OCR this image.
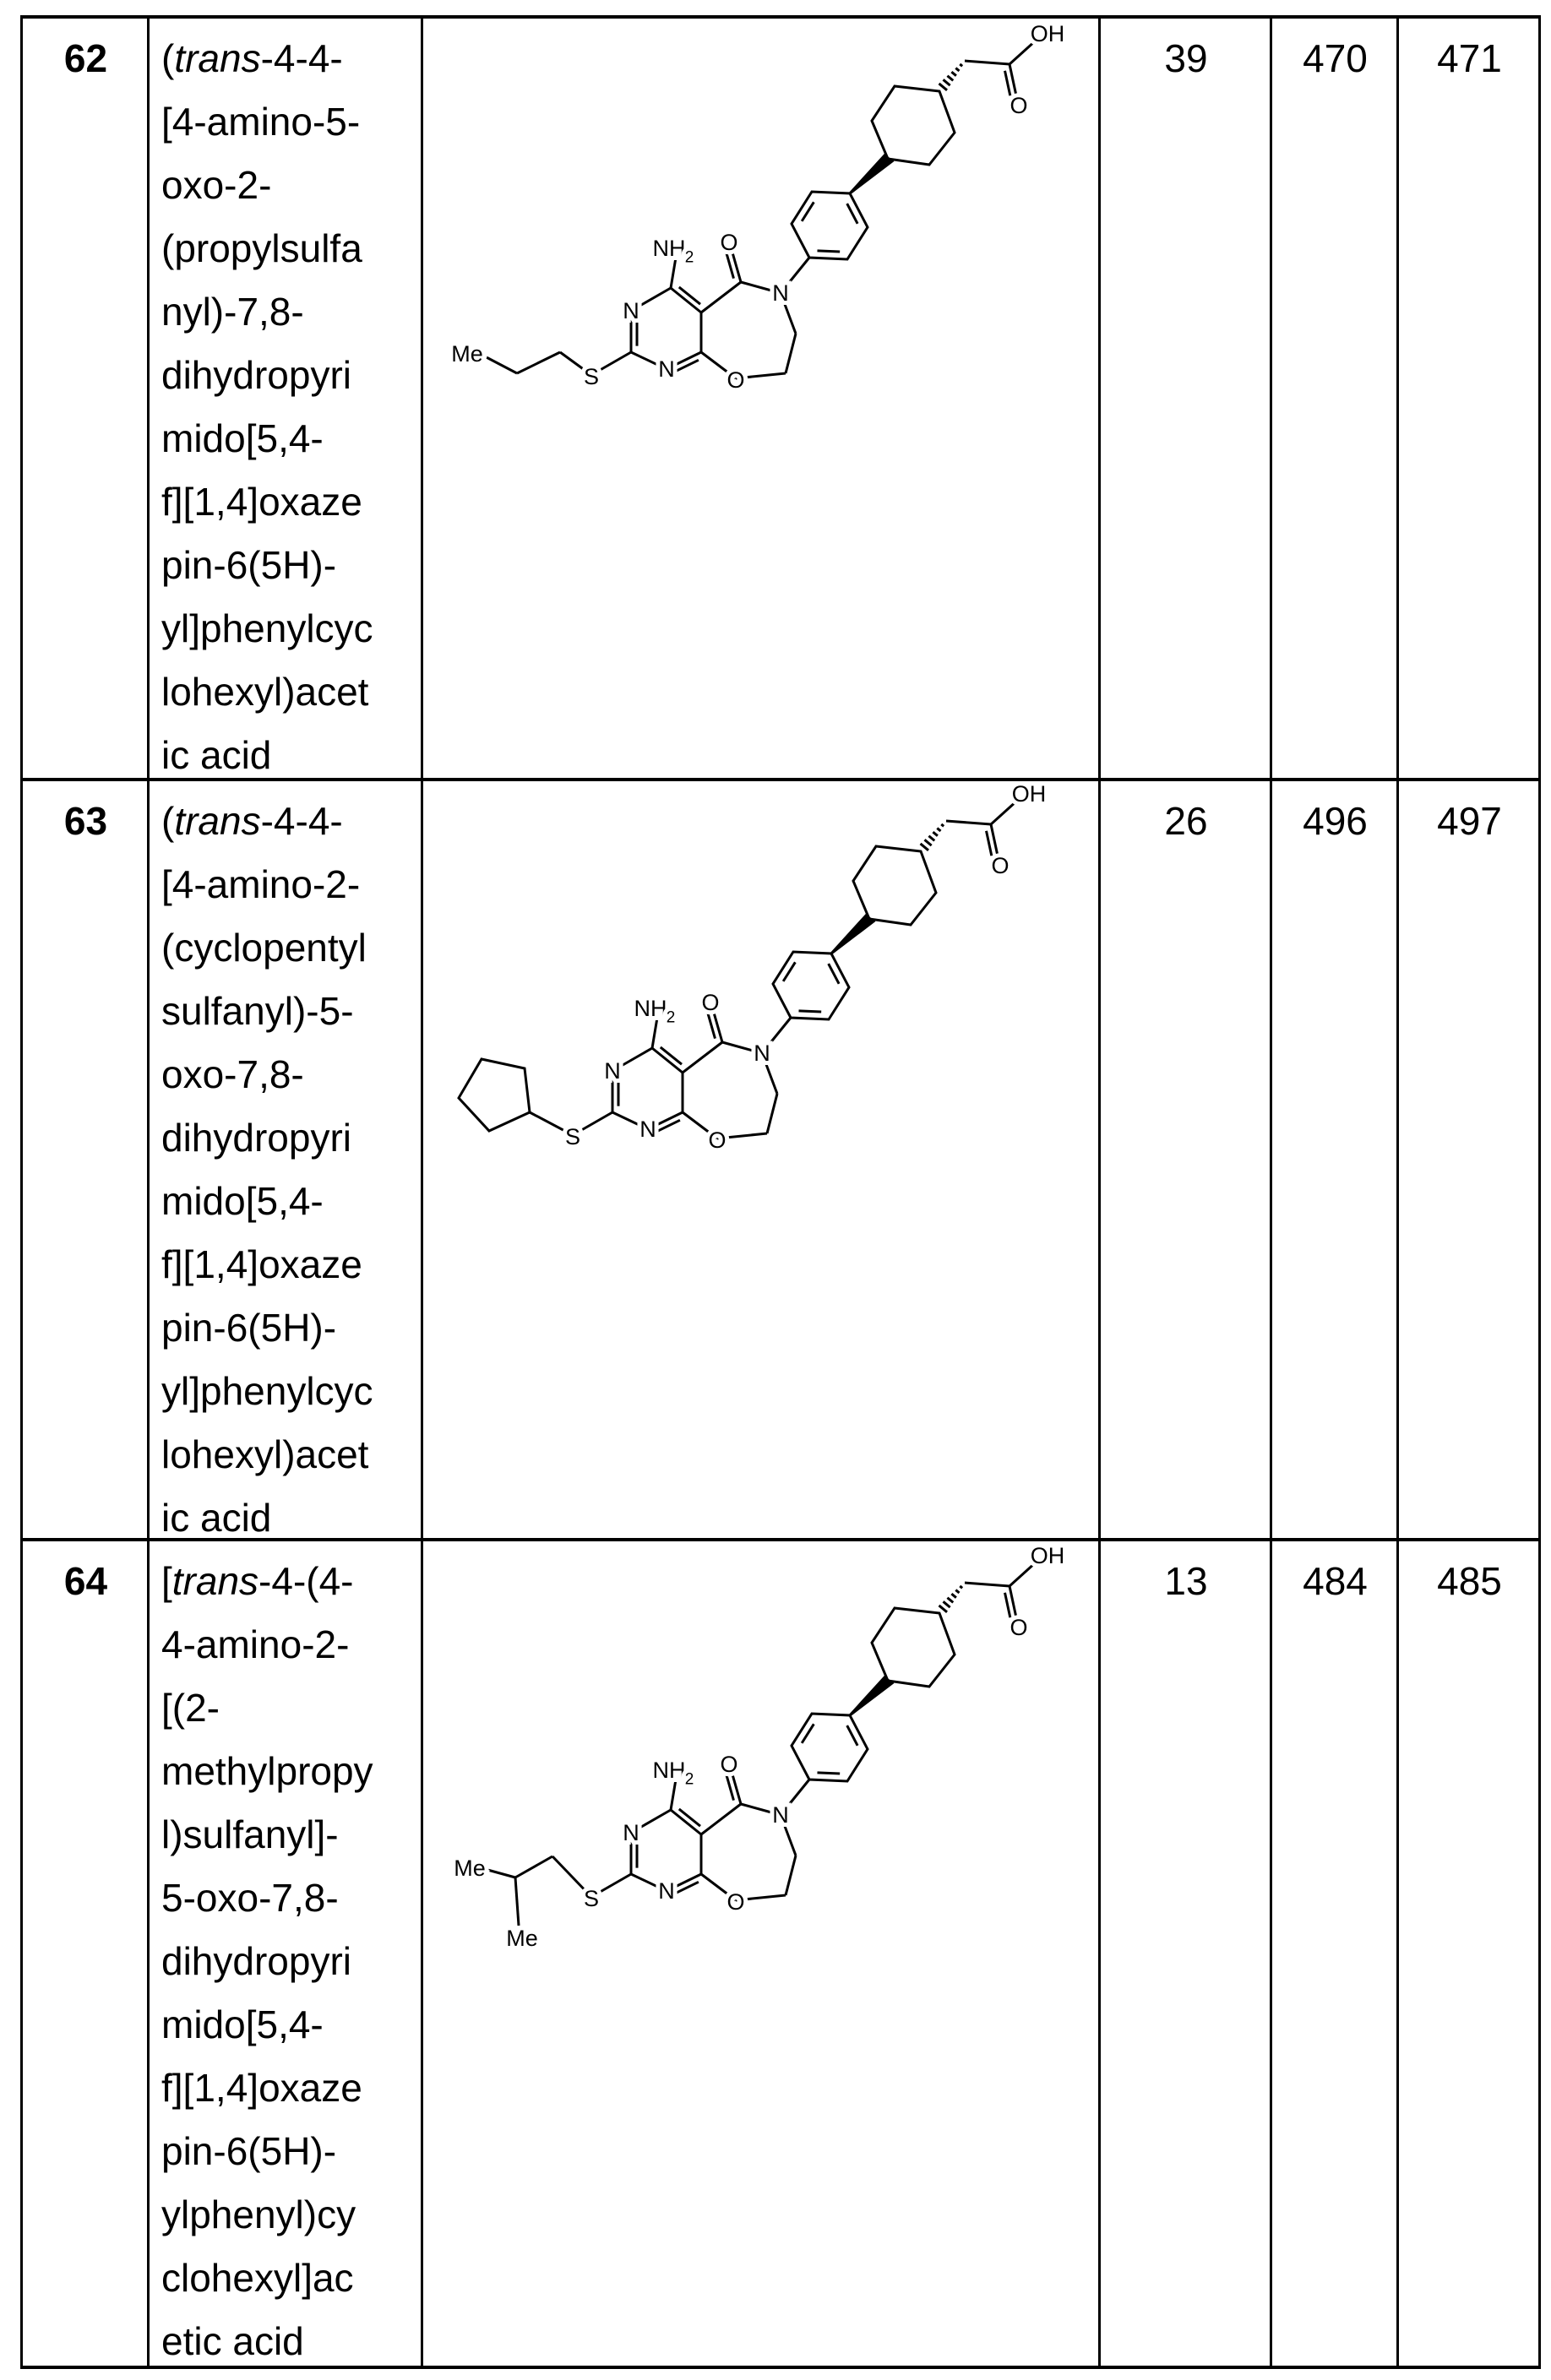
62	(trans-4-4-
[4-amino-5-
oxo-2-
(propylsulfa
nyl)-7,8-
dihydropyri
mido[5,4-
f][1,4]oxaze
pin-6(5H)-
yl]phenylcyc
lohexyl)acet
ic acid
39	470	471
63	(trans-4-4-
[4-amino-2-
(cyclopentyl
sulfanyl)-5-
oxo-7,8-
dihydropyri
mido[5,4-
f][1,4]oxaze
pin-6(5H)-
yl]phenylcyc
lohexyl)acet
ic acid
26	496	497
64	[trans-4-(4-
4-amino-2-
[(2-
methylpropy
l)sulfanyl]-
5-oxo-7,8-
dihydropyri
mido[5,4-
f][1,4]oxaze
pin-6(5H)-
ylphenyl)cy
clohexyl]ac
etic acid
13	484	485
Me
OH
O
O
N
O
N
N
S
NH 2
OH
O
O
N
O
N
N
S
NH 2
Me
Me
OH
O
O
N
O
N
N
S
NH 2
